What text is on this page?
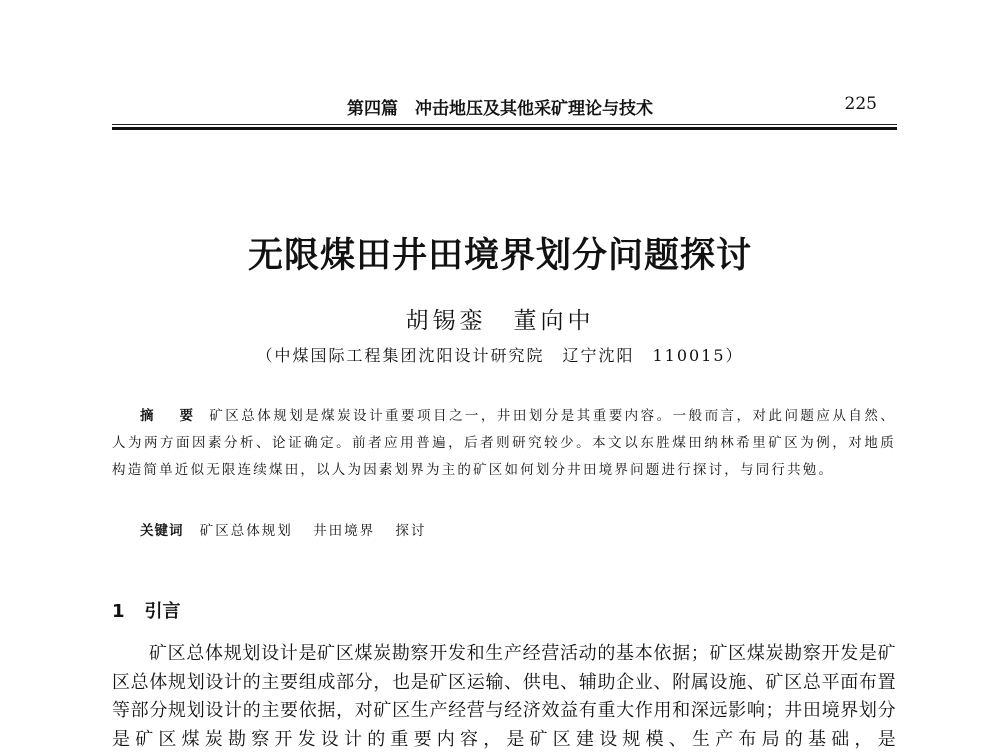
第四篇　冲击地压及其他采矿理论与技术	225
无限煤田井田境界划分问题探讨
胡锡銮　董向中
（中煤国际工程集团沈阳设计研究院　辽宁沈阳　110015）

摘　要 矿区总体规划是煤炭设计重要项目之一，井田划分是其重要内容。一般而言，对此问题应从自然、人为两方面因素分析、论证确定。前者应用普遍，后者则研究较少。本文以东胜煤田纳林希里矿区为例，对地质构造简单近似无限连续煤田，以人为因素划界为主的矿区如何划分井田境界问题进行探讨，与同行共勉。

关键词 矿区总体规划 井田境界 探讨
1 引言

矿区总体规划设计是矿区煤炭勘察开发和生产经营活动的基本依据；矿区煤炭勘察开发是矿区总体规划设计的主要组成部分，也是矿区运输、供电、辅助企业、附属设施、矿区总平面布置等部分规划设计的主要依据，对矿区生产经营与经济效益有重大作用和深远影响；井田境界划分是矿区煤炭勘察开发设计的重要内容，是矿区建设规模、生产布局的基础，是
